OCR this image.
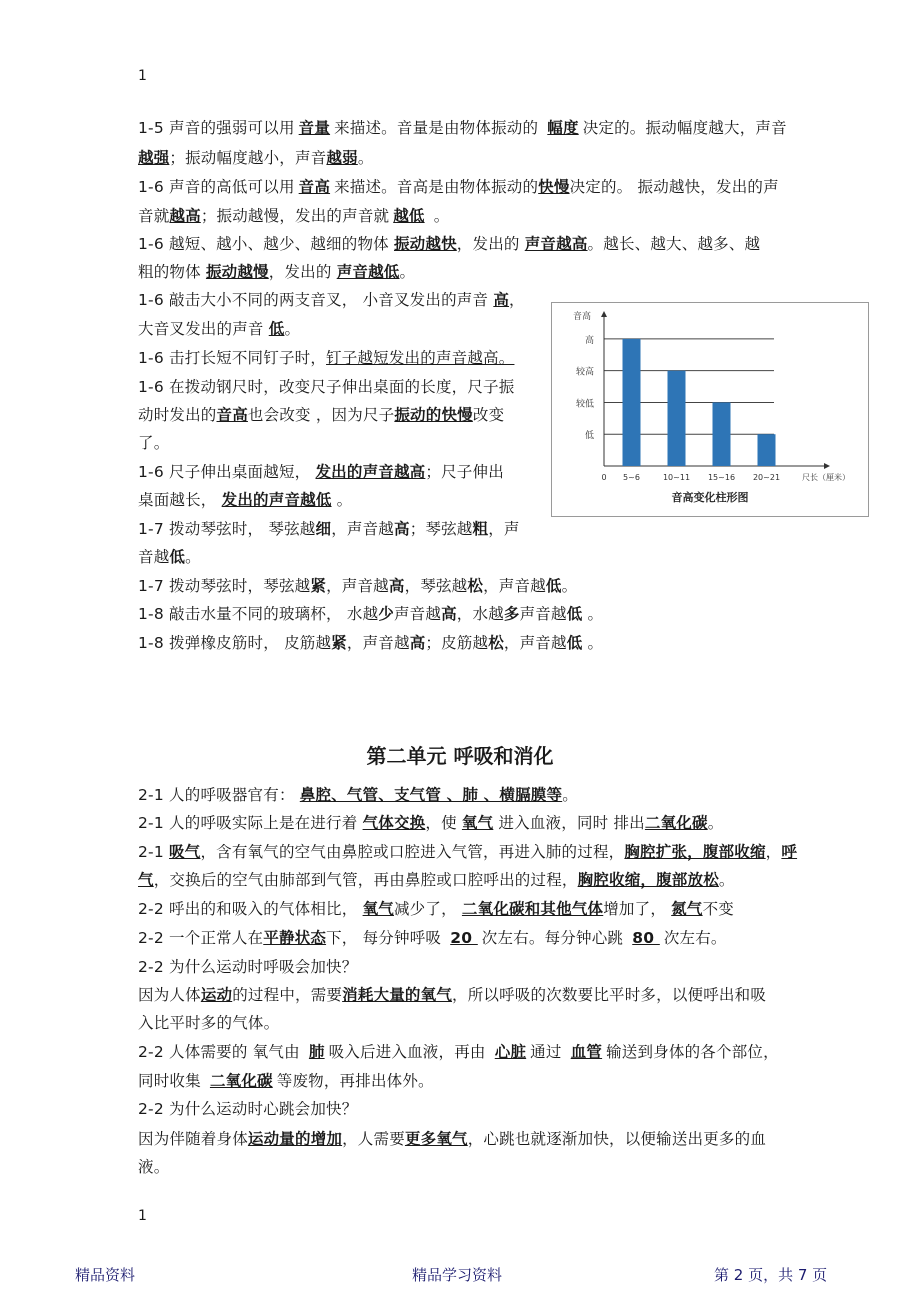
1
1-5 声音的强弱可以用 音量 来描述。音量是由物体振动的 幅度 决定的。振动幅度越大，声音
越强；振动幅度越小，声音越弱。
1-6 声音的高低可以用 音高 来描述。音高是由物体振动的快慢决定的。 振动越快，发出的声
音就越高；振动越慢，发出的声音就 越低 。
1-6 越短、越小、越少、越细的物体 振动越快，发出的 声音越高。越长、越大、越多、越
粗的物体 振动越慢，发出的 声音越低。
1-6 敲击大小不同的两支音叉， 小音叉发出的声音 高，
大音叉发出的声音 低。
1-6 击打长短不同钉子时，钉子越短发出的声音越高。
1-6 在拨动钢尺时，改变尺子伸出桌面的长度，尺子振
动时发出的音高也会改变 ，因为尺子振动的快慢改变
了。
1-6 尺子伸出桌面越短， 发出的声音越高；尺子伸出
桌面越长， 发出的声音越低 。
1-7 拨动琴弦时， 琴弦越细，声音越高；琴弦越粗，声
音越低。
1-7 拨动琴弦时，琴弦越紧，声音越高，琴弦越松，声音越低。
1-8 敲击水量不同的玻璃杯， 水越少声音越高，水越多声音越低 。
1-8 拨弹橡皮筋时， 皮筋越紧，声音越高；皮筋越松，声音越低 。
低
较低
较高
高
音高
0 5~6	10~11 15~16 20~21	尺长（厘米）
音高变化柱形图
第二单元 呼吸和消化
2-1 人的呼吸器官有： 鼻腔、气管、支气管 、肺 、横膈膜等。
2-1 人的呼吸实际上是在进行着 气体交换，使 氧气 进入血液，同时 排出二氧化碳。
2-1 吸气，含有氧气的空气由鼻腔或口腔进入气管，再进入肺的过程，胸腔扩张，腹部收缩，呼
气，交换后的空气由肺部到气管，再由鼻腔或口腔呼出的过程，胸腔收缩，腹部放松。
2-2 呼出的和吸入的气体相比， 氧气减少了， 二氧化碳和其他气体增加了， 氮气不变
2-2 一个正常人在平静状态下， 每分钟呼吸 20 次左右。每分钟心跳 80 次左右。
2-2 为什么运动时呼吸会加快？
因为人体运动的过程中，需要消耗大量的氧气，所以呼吸的次数要比平时多，以便呼出和吸
入比平时多的气体。
2-2 人体需要的 氧气由 肺 吸入后进入血液，再由 心脏 通过 血管 输送到身体的各个部位，
同时收集 二氧化碳 等废物，再排出体外。
2-2 为什么运动时心跳会加快？
因为伴随着身体运动量的增加，人需要更多氧气，心跳也就逐渐加快，以便输送出更多的血
液。
1
精品资料	精品学习资料	第 2 页，共 7 页
